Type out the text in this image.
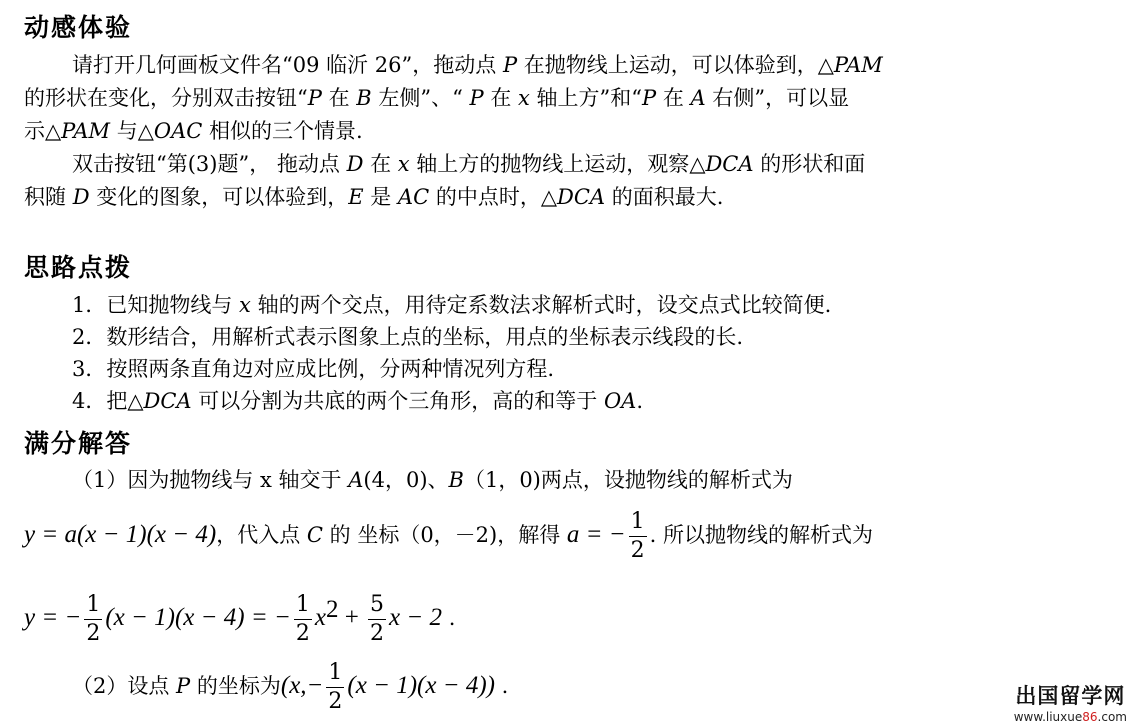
动感体验
请打开几何画板文件名“09 临沂 26”，拖动点 P 在抛物线上运动，可以体验到，△PAM
的形状在变化，分别双击按钮“P 在 B 左侧”、“ P 在 x 轴上方”和“P 在 A 右侧”，可以显
示△PAM 与△OAC 相似的三个情景.
双击按钮“第(3)题”， 拖动点 D 在 x 轴上方的抛物线上运动，观察△DCA 的形状和面
积随 D 变化的图象，可以体验到，E 是 AC 的中点时，△DCA 的面积最大.
思路点拨
1．已知抛物线与 x 轴的两个交点，用待定系数法求解析式时，设交点式比较简便.
2．数形结合，用解析式表示图象上点的坐标，用点的坐标表示线段的长.
3．按照两条直角边对应成比例，分两种情况列方程.
4．把△DCA 可以分割为共底的两个三角形，高的和等于 OA.
满分解答
（1）因为抛物线与 x 轴交于 A(4，0)、B（1，0)两点，设抛物线的解析式为
y = a(x − 1)(x − 4)，代入点 C 的 坐标（0，－2)，解得 a = − $\frac{1}{2}$ . 所以抛物线的解析式为
y = − $\frac{1}{2} (x - 1)(x - 4)$ = − $\frac{1}{2} x^2 + \frac{5}{2}$ x − 2 .
（2）设点 P 的坐标为$(x,- \frac{1}{2} (x - 1)(x - 4))$ .	出国留学网
www.liuxue86.com
